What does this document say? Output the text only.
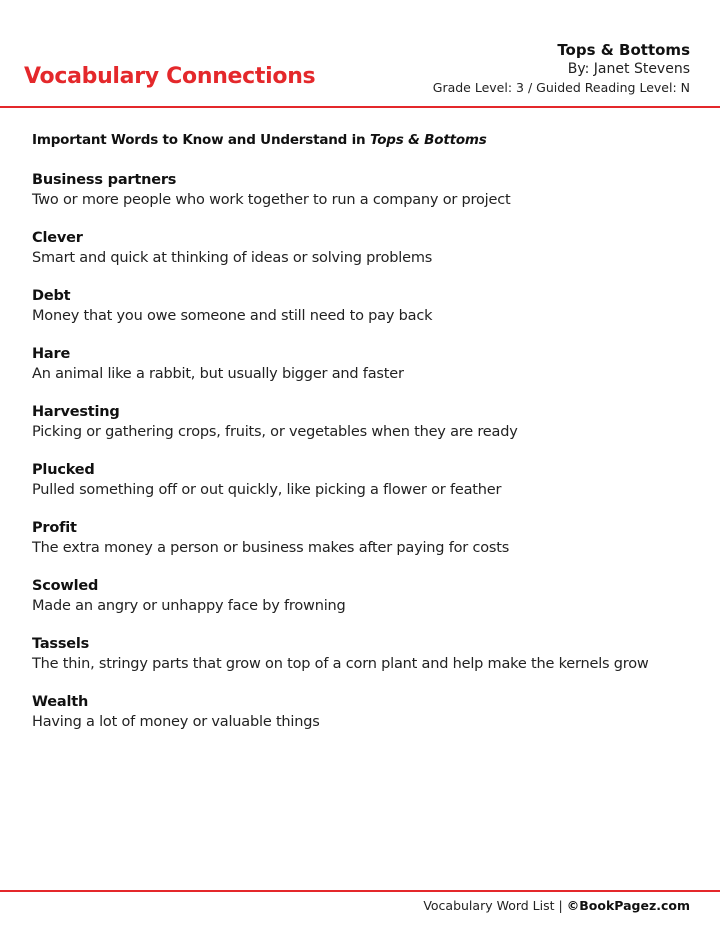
Vocabulary Connections
Tops & Bottoms
By: Janet Stevens
Grade Level: 3 / Guided Reading Level: N
Important Words to Know and Understand in Tops & Bottoms
Business partners
Two or more people who work together to run a company or project
Clever
Smart and quick at thinking of ideas or solving problems
Debt
Money that you owe someone and still need to pay back
Hare
An animal like a rabbit, but usually bigger and faster
Harvesting
Picking or gathering crops, fruits, or vegetables when they are ready
Plucked
Pulled something off or out quickly, like picking a flower or feather
Profit
The extra money a person or business makes after paying for costs
Scowled
Made an angry or unhappy face by frowning
Tassels
The thin, stringy parts that grow on top of a corn plant and help make the kernels grow
Wealth
Having a lot of money or valuable things
Vocabulary Word List | ©BookPagez.com
